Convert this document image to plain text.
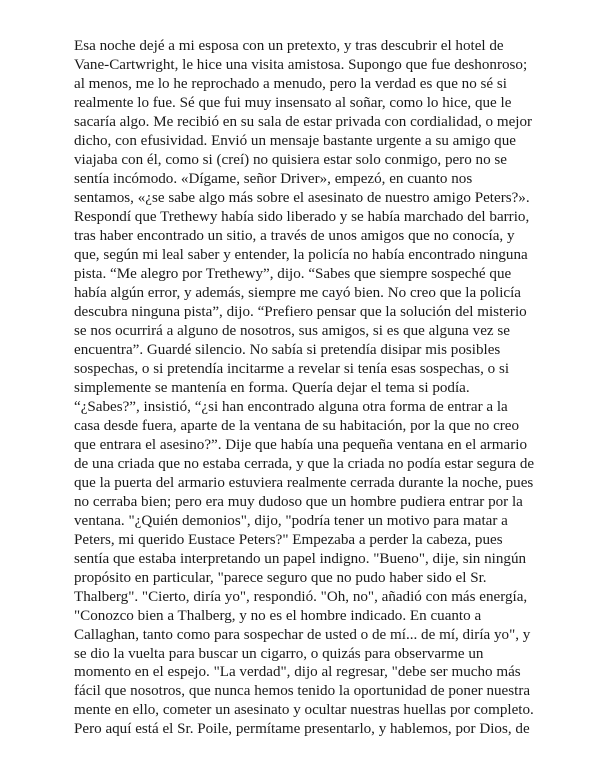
Esa noche dejé a mi esposa con un pretexto, y tras descubrir el hotel de
Vane-Cartwright, le hice una visita amistosa. Supongo que fue deshonroso;
al menos, me lo he reprochado a menudo, pero la verdad es que no sé si
realmente lo fue. Sé que fui muy insensato al soñar, como lo hice, que le
sacaría algo. Me recibió en su sala de estar privada con cordialidad, o mejor
dicho, con efusividad. Envió un mensaje bastante urgente a su amigo que
viajaba con él, como si (creí) no quisiera estar solo conmigo, pero no se
sentía incómodo. «Dígame, señor Driver», empezó, en cuanto nos
sentamos, «¿se sabe algo más sobre el asesinato de nuestro amigo Peters?».
Respondí que Trethewy había sido liberado y se había marchado del barrio,
tras haber encontrado un sitio, a través de unos amigos que no conocía, y
que, según mi leal saber y entender, la policía no había encontrado ninguna
pista. “Me alegro por Trethewy”, dijo. “Sabes que siempre sospeché que
había algún error, y además, siempre me cayó bien. No creo que la policía
descubra ninguna pista”, dijo. “Prefiero pensar que la solución del misterio
se nos ocurrirá a alguno de nosotros, sus amigos, si es que alguna vez se
encuentra”. Guardé silencio. No sabía si pretendía disipar mis posibles
sospechas, o si pretendía incitarme a revelar si tenía esas sospechas, o si
simplemente se mantenía en forma. Quería dejar el tema si podía.
“¿Sabes?”, insistió, “¿si han encontrado alguna otra forma de entrar a la
casa desde fuera, aparte de la ventana de su habitación, por la que no creo
que entrara el asesino?”. Dije que había una pequeña ventana en el armario
de una criada que no estaba cerrada, y que la criada no podía estar segura de
que la puerta del armario estuviera realmente cerrada durante la noche, pues
no cerraba bien; pero era muy dudoso que un hombre pudiera entrar por la
ventana. "¿Quién demonios", dijo, "podría tener un motivo para matar a
Peters, mi querido Eustace Peters?" Empezaba a perder la cabeza, pues
sentía que estaba interpretando un papel indigno. "Bueno", dije, sin ningún
propósito en particular, "parece seguro que no pudo haber sido el Sr.
Thalberg". "Cierto, diría yo", respondió. "Oh, no", añadió con más energía,
"Conozco bien a Thalberg, y no es el hombre indicado. En cuanto a
Callaghan, tanto como para sospechar de usted o de mí... de mí, diría yo", y
se dio la vuelta para buscar un cigarro, o quizás para observarme un
momento en el espejo. "La verdad", dijo al regresar, "debe ser mucho más
fácil que nosotros, que nunca hemos tenido la oportunidad de poner nuestra
mente en ello, cometer un asesinato y ocultar nuestras huellas por completo.
Pero aquí está el Sr. Poile, permítame presentarlo, y hablemos, por Dios, de
